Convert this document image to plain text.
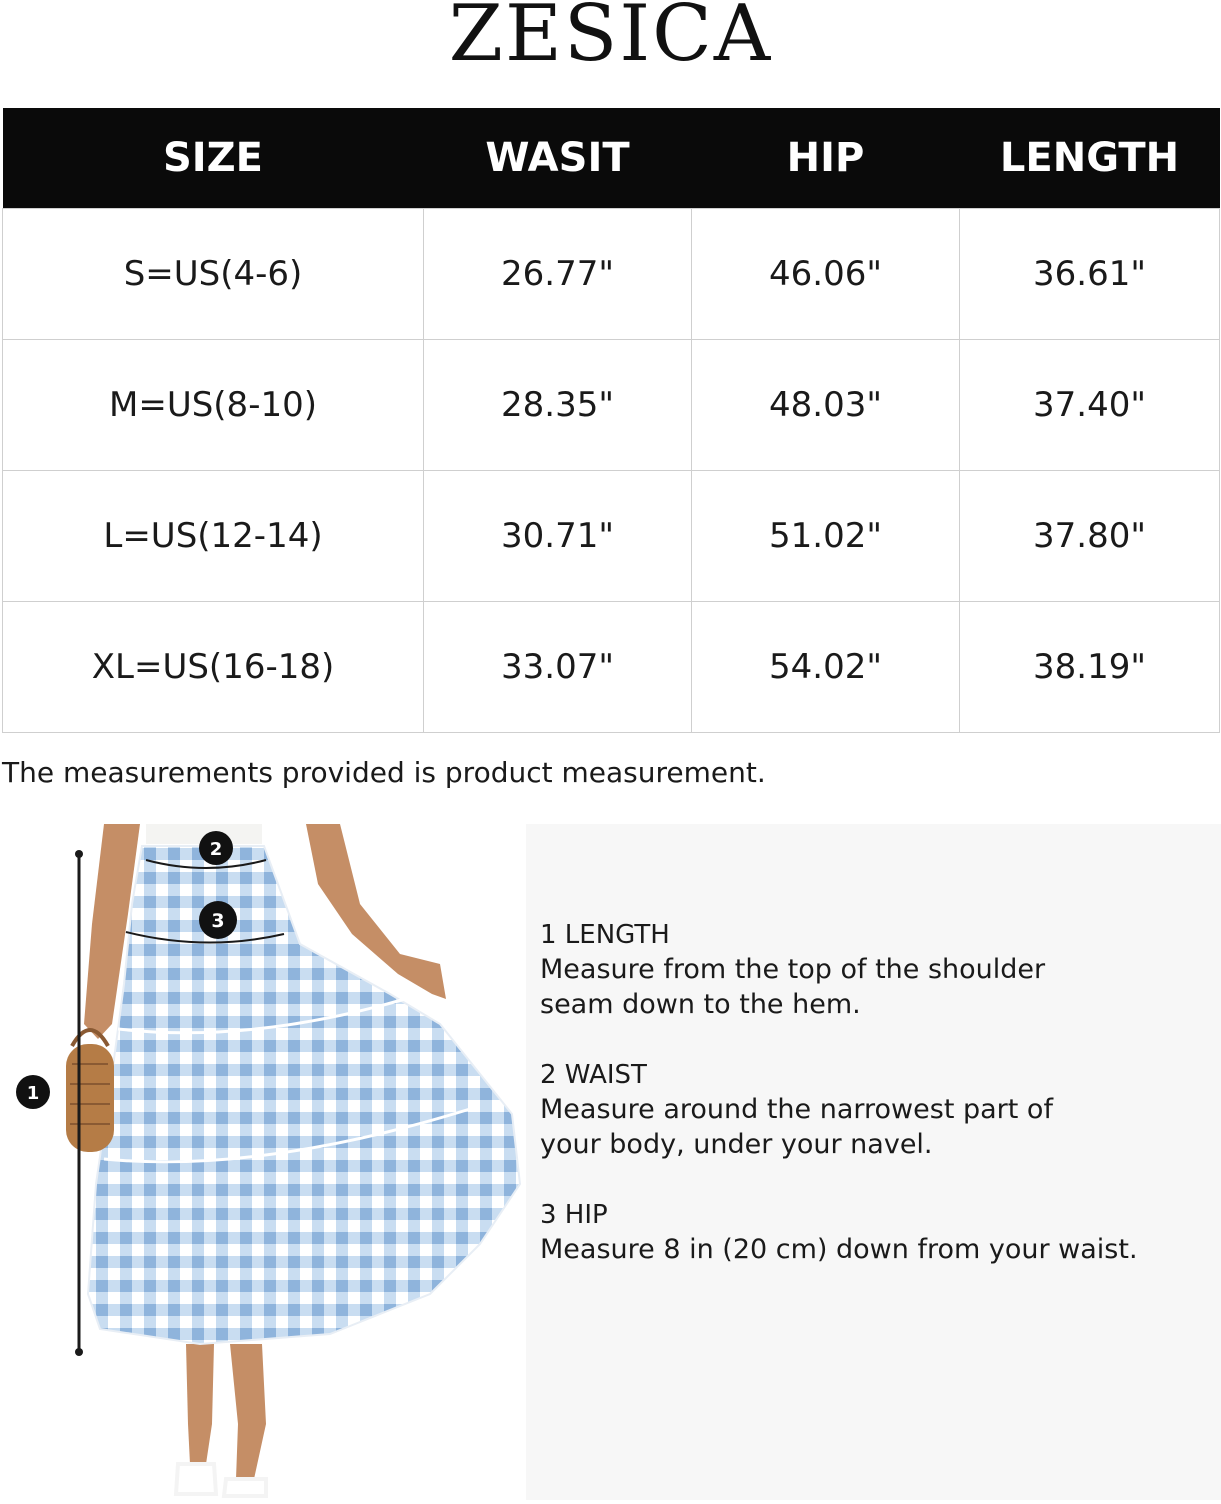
ZESICA
SIZE	WASIT	HIP	LENGTH
S=US(4-6)	26.77"	46.06"	36.61"
M=US(8-10)	28.35"	48.03"	37.40"
L=US(12-14)	30.71"	51.02"	37.80"
XL=US(16-18)	33.07"	54.02"	38.19"
The measurements provided is product measurement.
1
2
3	1 LENGTH
Measure from the top of the shoulder
seam down to the hem.
2 WAIST
Measure around the narrowest part of
your body, under your navel.
3 HIP
Measure 8 in (20 cm) down from your waist.
